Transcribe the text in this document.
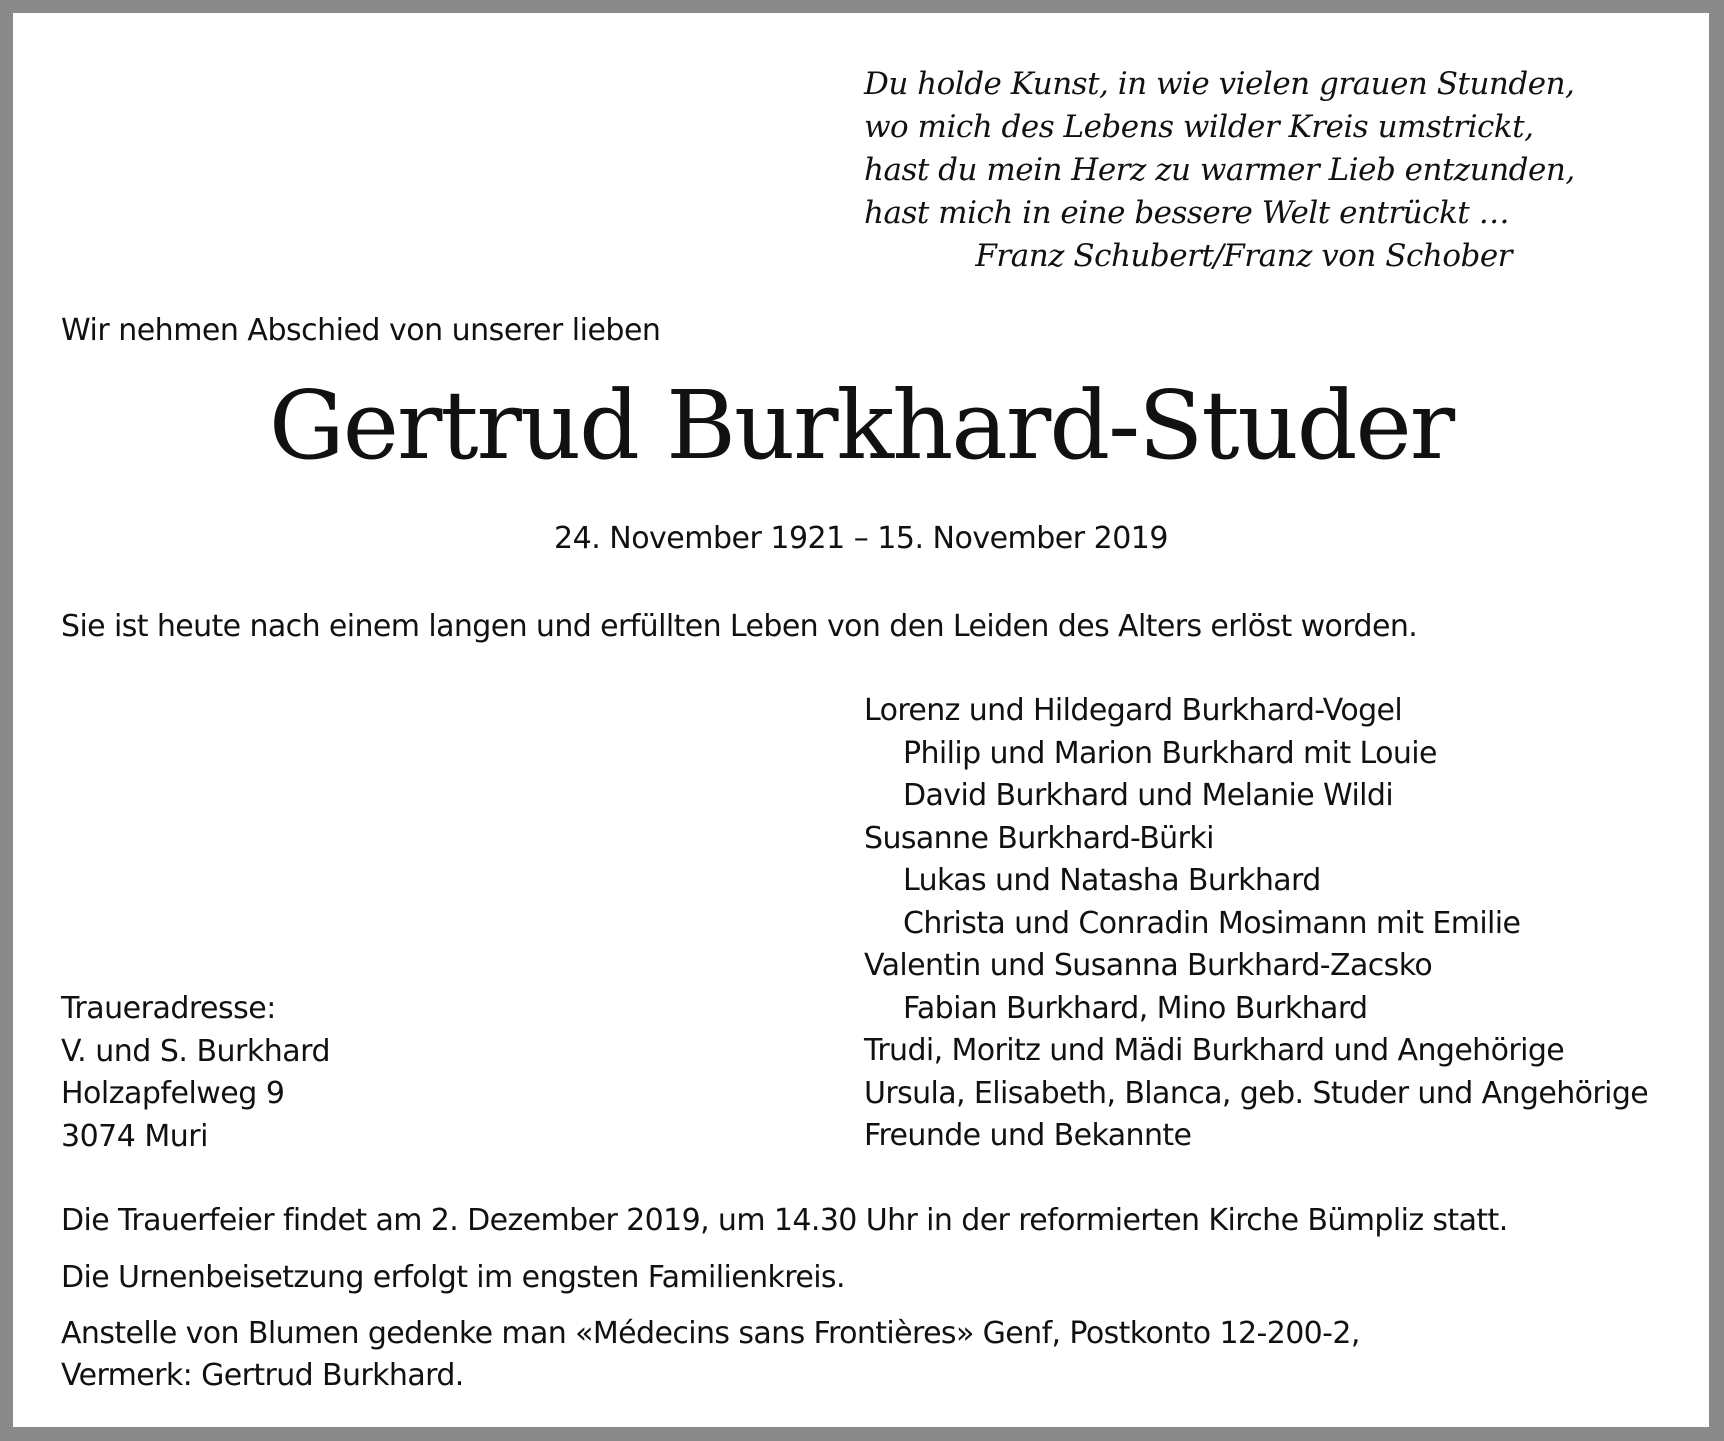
Du holde Kunst, in wie vielen grauen Stunden,
wo mich des Lebens wilder Kreis umstrickt,
hast du mein Herz zu warmer Lieb entzunden,
hast mich in eine bessere Welt entrückt …
Franz Schubert/Franz von Schober
Wir nehmen Abschied von unserer lieben
Gertrud Burkhard-Studer
24. November 1921 – 15. November 2019
Sie ist heute nach einem langen und erfüllten Leben von den Leiden des Alters erlöst worden.
Lorenz und Hildegard Burkhard-Vogel
Philip und Marion Burkhard mit Louie
David Burkhard und Melanie Wildi
Susanne Burkhard-Bürki
Lukas und Natasha Burkhard
Christa und Conradin Mosimann mit Emilie
Valentin und Susanna Burkhard-Zacsko
Fabian Burkhard, Mino Burkhard
Trudi, Moritz und Mädi Burkhard und Angehörige
Ursula, Elisabeth, Blanca, geb. Studer und Angehörige
Freunde und Bekannte
Traueradresse:
V. und S. Burkhard
Holzapfelweg 9
3074 Muri
Die Trauerfeier findet am 2. Dezember 2019, um 14.30 Uhr in der reformierten Kirche Bümpliz statt.
Die Urnenbeisetzung erfolgt im engsten Familienkreis.
Anstelle von Blumen gedenke man «Médecins sans Frontières» Genf, Postkonto 12-200-2,
Vermerk: Gertrud Burkhard.
